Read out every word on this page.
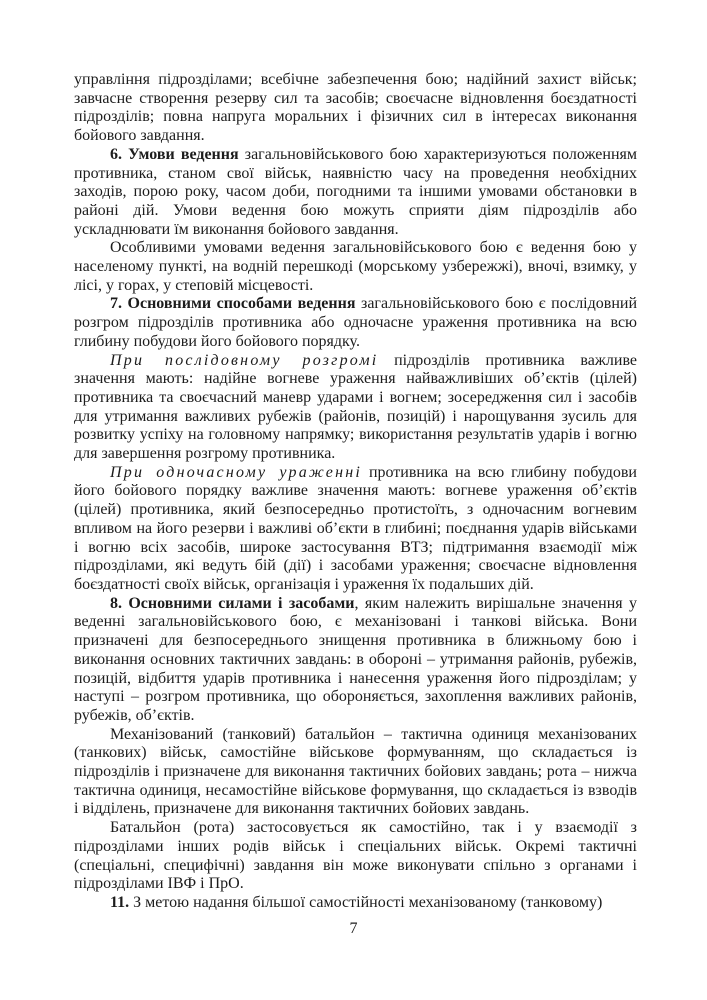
управління підрозділами; всебічне забезпечення бою; надійний захист військ; завчасне створення резерву сил та засобів; своєчасне відновлення боєздатності підрозділів; повна напруга моральних і фізичних сил в інтересах виконання бойового завдання.

6. Умови ведення загальновійськового бою характеризуються положенням противника, станом свої військ, наявністю часу на проведення необхідних заходів, порою року, часом доби, погодними та іншими умовами обстановки в районі дій. Умови ведення бою можуть сприяти діям підрозділів або ускладнювати їм виконання бойового завдання.

Особливими умовами ведення загальновійськового бою є ведення бою у населеному пункті, на водній перешкоді (морському узбережжі), вночі, взимку, у лісі, у горах, у степовій місцевості.

7. Основними способами ведення загальновійськового бою є послідовний розгром підрозділів противника або одночасне ураження противника на всю глибину побудови його бойового порядку.

При послідовному розгромі підрозділів противника важливе значення мають: надійне вогневе ураження найважливіших об’єктів (цілей) противника та своєчасний маневр ударами і вогнем; зосередження сил і засобів для утримання важливих рубежів (районів, позицій) і нарощування зусиль для розвитку успіху на головному напрямку; використання результатів ударів і вогню для завершення розгрому противника.

При одночасному ураженні противника на всю глибину побудови його бойового порядку важливе значення мають: вогневе ураження об’єктів (цілей) противника, який безпосередньо протистоїть, з одночасним вогневим впливом на його резерви і важливі об’єкти в глибині; поєднання ударів військами і вогню всіх засобів, широке застосування ВТЗ; підтримання взаємодії між підрозділами, які ведуть бій (дії) і засобами ураження; своєчасне відновлення боєздатності своїх військ, організація і ураження їх подальших дій.

8. Основними силами і засобами, яким належить вирішальне значення у веденні загальновійськового бою, є механізовані і танкові війська. Вони призначені для безпосереднього знищення противника в ближньому бою і виконання основних тактичних завдань: в обороні – утримання районів, рубежів, позицій, відбиття ударів противника і нанесення ураження його підрозділам; у наступі – розгром противника, що обороняється, захоплення важливих районів, рубежів, об’єктів.

Механізований (танковий) батальйон – тактична одиниця механізованих (танкових) військ, самостійне військове формуванням, що складається із підрозділів і призначене для виконання тактичних бойових завдань; рота – нижча тактична одиниця, несамостійне військове формування, що складається із взводів і відділень, призначене для виконання тактичних бойових завдань.

Батальйон (рота) застосовується як самостійно, так і у взаємодії з підрозділами інших родів військ і спеціальних військ. Окремі тактичні (спеціальні, специфічні) завдання він може виконувати спільно з органами і підрозділами ІВФ і ПрО.

11. З метою надання більшої самостійності механізованому (танковому)

7
